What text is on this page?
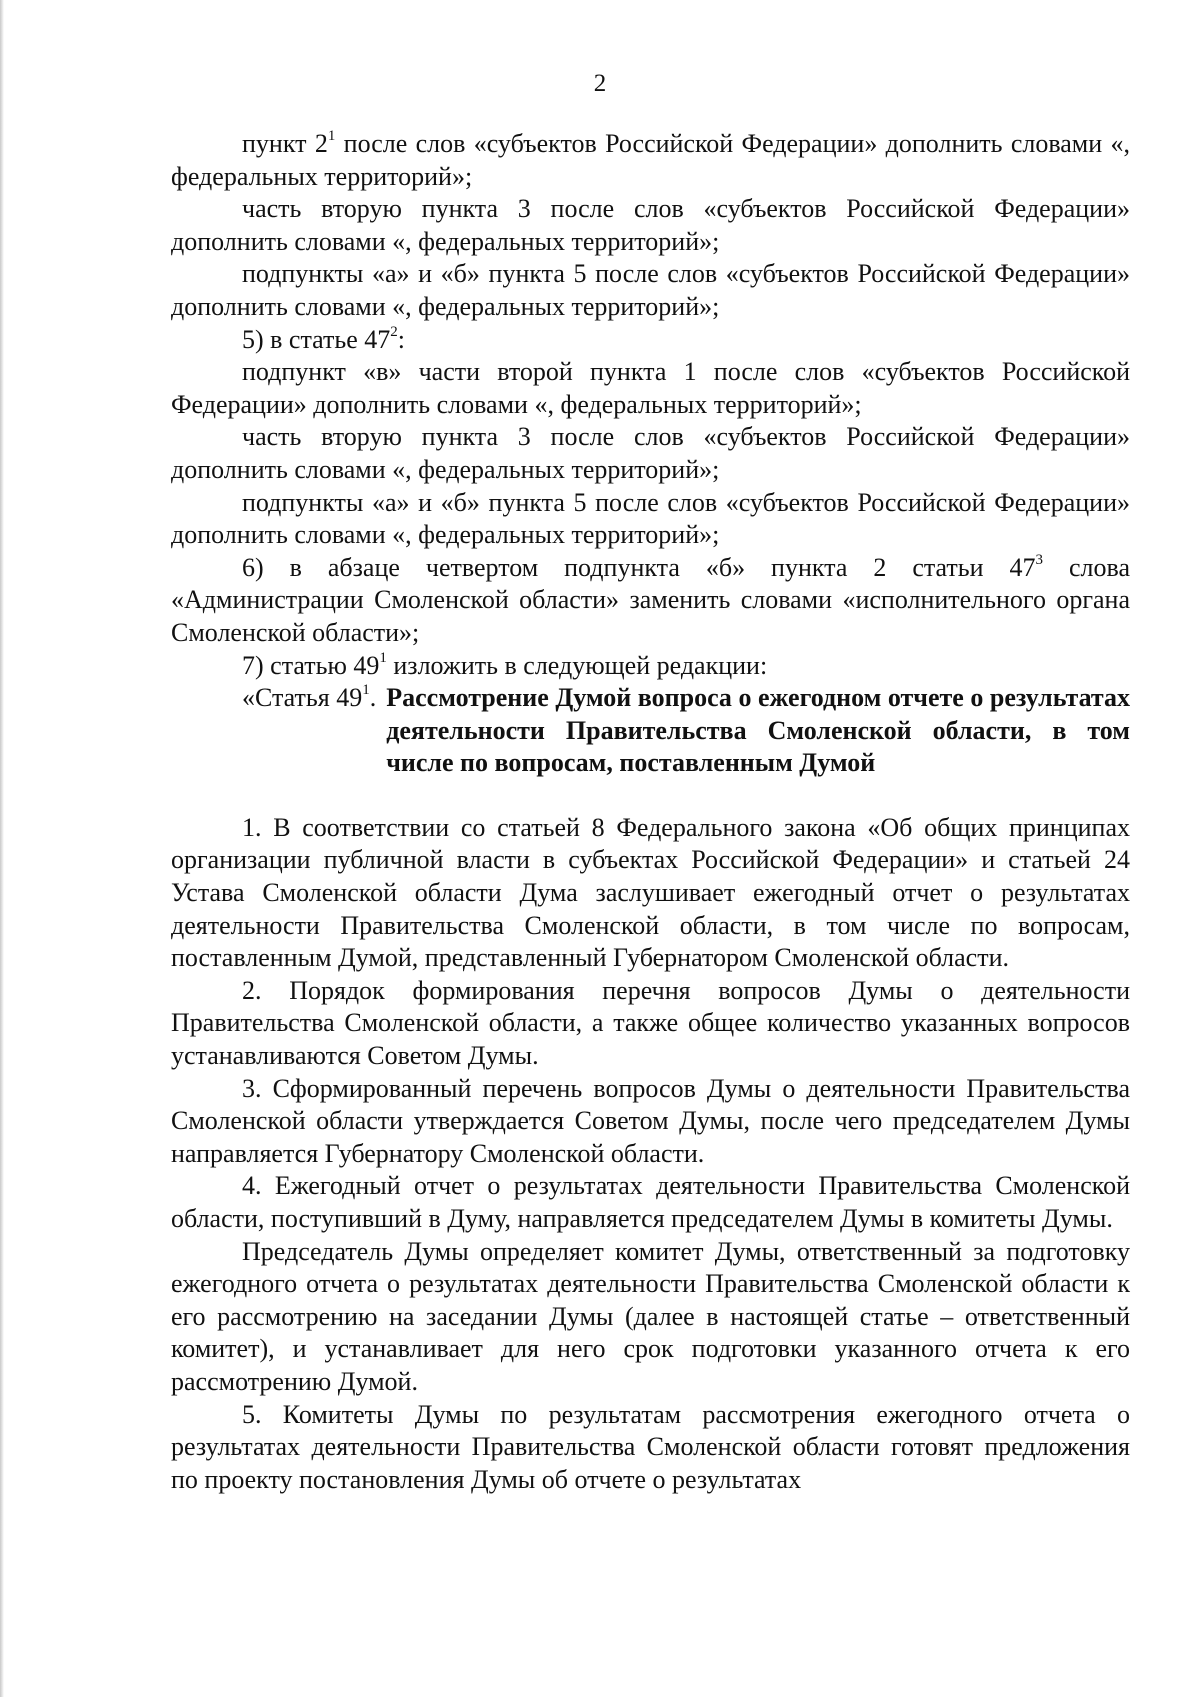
2

пункт $2^1$ после слов «субъектов Российской Федерации» дополнить словами «, федеральных территорий»;

часть вторую пункта 3 после слов «субъектов Российской Федерации» дополнить словами «, федеральных территорий»;

подпункты «а» и «б» пункта 5 после слов «субъектов Российской Федерации» дополнить словами «, федеральных территорий»;

5) в статье $47^2$:

подпункт «в» части второй пункта 1 после слов «субъектов Российской Федерации» дополнить словами «, федеральных территорий»;

часть вторую пункта 3 после слов «субъектов Российской Федерации» дополнить словами «, федеральных территорий»;

подпункты «а» и «б» пункта 5 после слов «субъектов Российской Федерации» дополнить словами «, федеральных территорий»;

6) в абзаце четвертом подпункта «б» пункта 2 статьи $47^3$ слова «Администрации Смоленской области» заменить словами «исполнительного органа Смоленской области»;

7) статью $49^1$ изложить в следующей редакции:

«Статья $49^1$. Рассмотрение Думой вопроса о ежегодном отчете о результатах деятельности Правительства Смоленской области, в том числе по вопросам, поставленным Думой

1. В соответствии со статьей 8 Федерального закона «Об общих принципах организации публичной власти в субъектах Российской Федерации» и статьей 24 Устава Смоленской области Дума заслушивает ежегодный отчет о результатах деятельности Правительства Смоленской области, в том числе по вопросам, поставленным Думой, представленный Губернатором Смоленской области.

2. Порядок формирования перечня вопросов Думы о деятельности Правительства Смоленской области, а также общее количество указанных вопросов устанавливаются Советом Думы.

3. Сформированный перечень вопросов Думы о деятельности Правительства Смоленской области утверждается Советом Думы, после чего председателем Думы направляется Губернатору Смоленской области.

4. Ежегодный отчет о результатах деятельности Правительства Смоленской области, поступивший в Думу, направляется председателем Думы в комитеты Думы.

Председатель Думы определяет комитет Думы, ответственный за подготовку ежегодного отчета о результатах деятельности Правительства Смоленской области к его рассмотрению на заседании Думы (далее в настоящей статье – ответственный комитет), и устанавливает для него срок подготовки указанного отчета к его рассмотрению Думой.

5. Комитеты Думы по результатам рассмотрения ежегодного отчета о результатах деятельности Правительства Смоленской области готовят предложения по проекту постановления Думы об отчете о результатах
